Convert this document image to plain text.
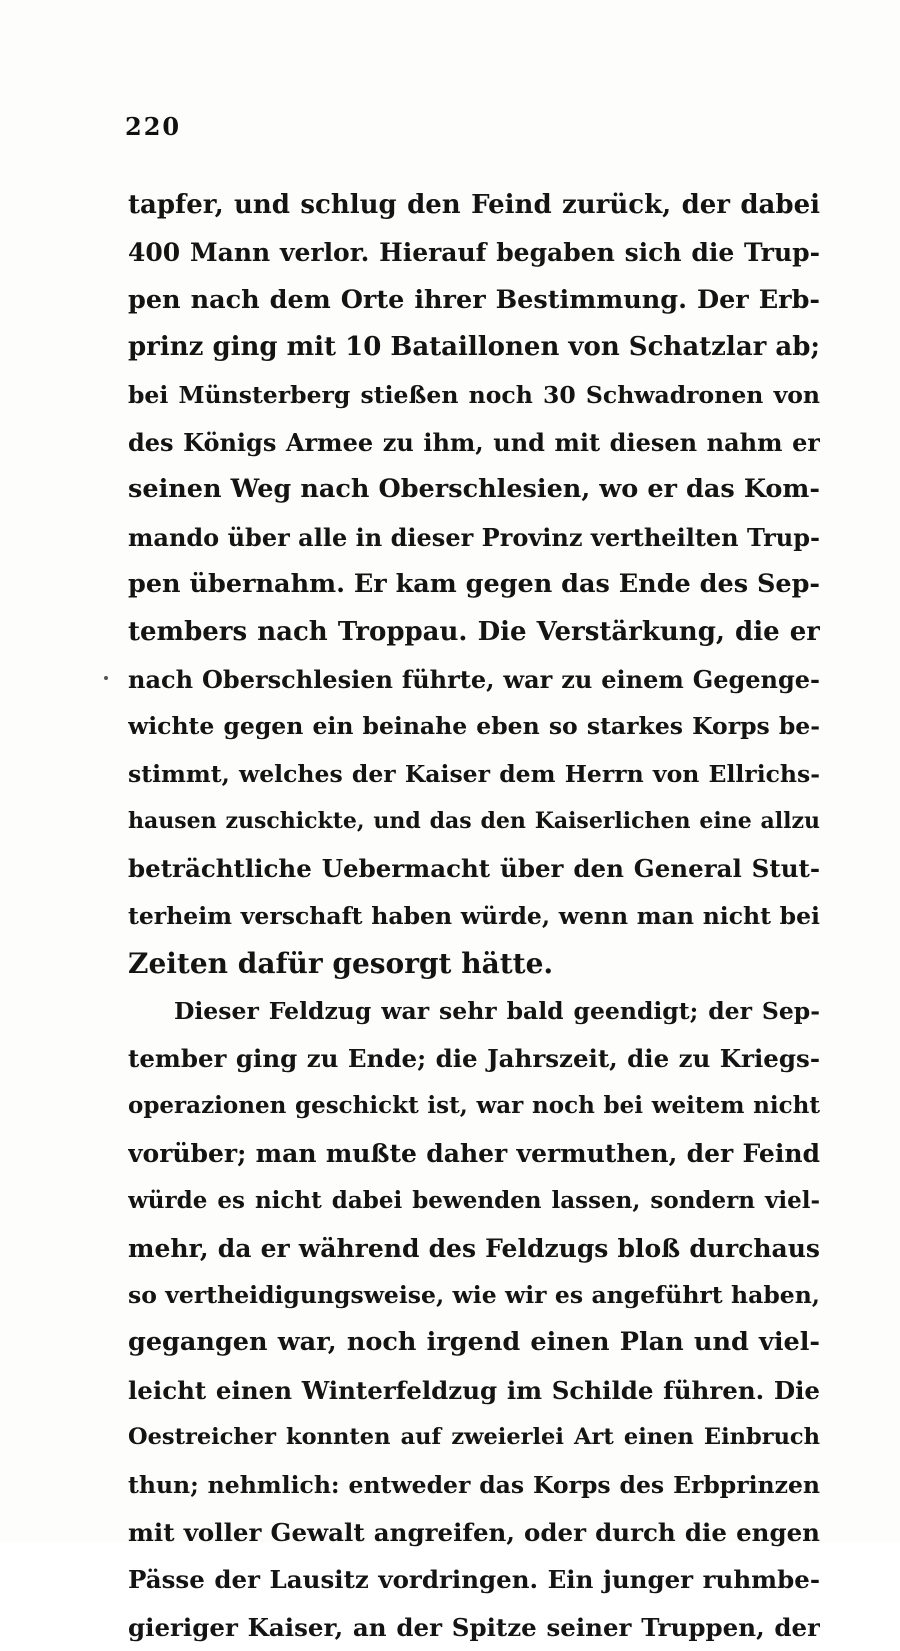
220
tapfer, und schlug den Feind zurück, der dabei
400 Mann verlor. Hierauf begaben sich die Trup-
pen nach dem Orte ihrer Bestimmung. Der Erb-
prinz ging mit 10 Bataillonen von Schatzlar ab;
bei Münsterberg stießen noch 30 Schwadronen von
des Königs Armee zu ihm, und mit diesen nahm er
seinen Weg nach Oberschlesien, wo er das Kom-
mando über alle in dieser Provinz vertheilten Trup-
pen übernahm. Er kam gegen das Ende des Sep-
tembers nach Troppau. Die Verstärkung, die er
nach Oberschlesien führte, war zu einem Gegenge-
wichte gegen ein beinahe eben so starkes Korps be-
stimmt, welches der Kaiser dem Herrn von Ellrichs-
hausen zuschickte, und das den Kaiserlichen eine allzu
beträchtliche Uebermacht über den General Stut-
terheim verschaft haben würde, wenn man nicht bei
Zeiten dafür gesorgt hätte.
Dieser Feldzug war sehr bald geendigt; der Sep-
tember ging zu Ende; die Jahrszeit, die zu Kriegs-
operazionen geschickt ist, war noch bei weitem nicht
vorüber; man mußte daher vermuthen, der Feind
würde es nicht dabei bewenden lassen, sondern viel-
mehr, da er während des Feldzugs bloß durchaus
so vertheidigungsweise, wie wir es angeführt haben,
gegangen war, noch irgend einen Plan und viel-
leicht einen Winterfeldzug im Schilde führen. Die
Oestreicher konnten auf zweierlei Art einen Einbruch
thun; nehmlich: entweder das Korps des Erbprinzen
mit voller Gewalt angreifen, oder durch die engen
Pässe der Lausitz vordringen. Ein junger ruhmbe-
gieriger Kaiser, an der Spitze seiner Truppen, der
